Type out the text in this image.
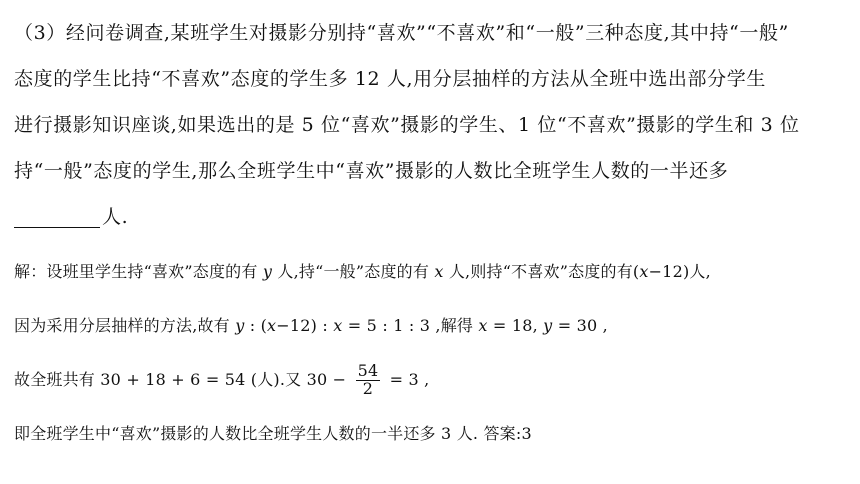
（3）经问卷调查,某班学生对摄影分别持“喜欢”“不喜欢”和“一般”三种态度,其中持“一般”
态度的学生比持“不喜欢”态度的学生多 12 人,用分层抽样的方法从全班中选出部分学生
进行摄影知识座谈,如果选出的是 5 位“喜欢”摄影的学生、1 位“不喜欢”摄影的学生和 3 位
持“一般”态度的学生,那么全班学生中“喜欢”摄影的人数比全班学生人数的一半还多
人.
解：设班里学生持“喜欢”态度的有 y 人,持“一般”态度的有 x 人,则持“不喜欢”态度的有(x−12)人,
因为采用分层抽样的方法,故有 y : (x−12) : x = 5 : 1 : 3 ,解得 x = 18, y = 30 ,
故全班共有 30 + 18 + 6 = 54 (人).又 $30 - \frac{54}{2} = 3$ ,
即全班学生中“喜欢”摄影的人数比全班学生人数的一半还多 3 人. 答案:3
